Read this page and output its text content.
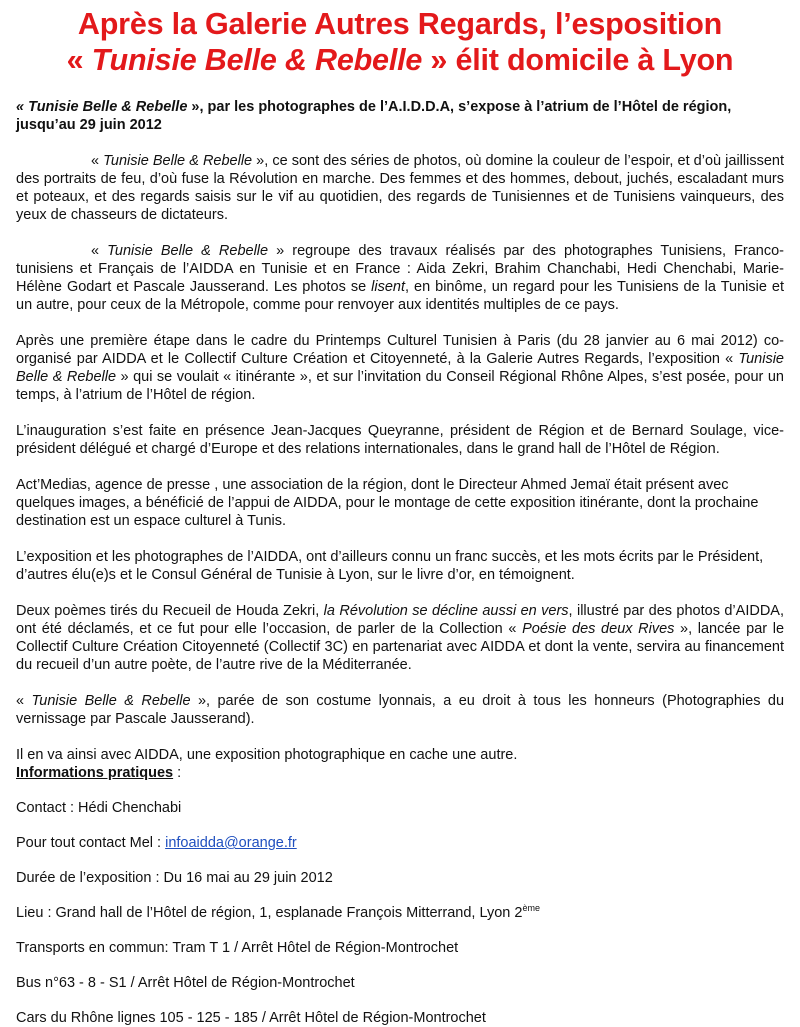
Après la Galerie Autres Regards, l’esposition
« Tunisie Belle & Rebelle » élit domicile à Lyon

« Tunisie Belle & Rebelle », par les photographes de l’A.I.D.D.A, s’expose à l’atrium de l’Hôtel de région, jusqu’au 29 juin 2012

« Tunisie Belle & Rebelle », ce sont des séries de photos, où domine la couleur de l’espoir, et d’où jaillissent des portraits de feu, d’où fuse la Révolution en marche. Des femmes et des hommes, debout, juchés, escaladant murs et poteaux, et des regards saisis sur le vif au quotidien, des regards de Tunisiennes et de Tunisiens vainqueurs, des yeux de chasseurs de dictateurs.

« Tunisie Belle & Rebelle » regroupe des travaux réalisés par des photographes Tunisiens, Franco-tunisiens et Français de l’AIDDA en Tunisie et en France : Aida Zekri, Brahim Chanchabi, Hedi Chenchabi, Marie-Hélène Godart et Pascale Jausserand. Les photos se lisent, en binôme, un regard pour les Tunisiens de la Tunisie et un autre, pour ceux de la Métropole, comme pour renvoyer aux identités multiples de ce pays.

Après une première étape dans le cadre du Printemps Culturel Tunisien à Paris (du 28 janvier au 6 mai 2012) co-organisé par AIDDA et le Collectif Culture Création et Citoyenneté, à la Galerie Autres Regards, l’exposition « Tunisie Belle & Rebelle » qui se voulait « itinérante », et sur l’invitation du Conseil Régional Rhône Alpes, s’est posée, pour un temps, à l’atrium de l’Hôtel de région.

L’inauguration s’est faite en présence Jean-Jacques Queyranne, président de Région et de Bernard Soulage, vice-président délégué et chargé d’Europe et des relations internationales, dans le grand hall de l’Hôtel de Région.

Act’Medias, agence de presse , une association de la région, dont le Directeur Ahmed Jemaï était présent avec quelques images, a bénéficié de l’appui de AIDDA, pour le montage de cette exposition itinérante, dont la prochaine destination est un espace culturel à Tunis.

L’exposition et les photographes de l’AIDDA, ont d’ailleurs connu un franc succès, et les mots écrits par le Président, d’autres élu(e)s et le Consul Général de Tunisie à Lyon, sur le livre d’or, en témoignent.

Deux poèmes tirés du Recueil de Houda Zekri, la Révolution se décline aussi en vers, illustré par des photos d’AIDDA, ont été déclamés, et ce fut pour elle l’occasion, de parler de la Collection « Poésie des deux Rives », lancée par le Collectif Culture Création Citoyenneté (Collectif 3C) en partenariat avec AIDDA et dont la vente, servira au financement du recueil d’un autre poète, de l’autre rive de la Méditerranée.

« Tunisie Belle & Rebelle », parée de son costume lyonnais, a eu droit à tous les honneurs (Photographies du vernissage par Pascale Jausserand).

Il en va ainsi avec AIDDA, une exposition photographique en cache une autre.

Informations pratiques :

Contact : Hédi Chenchabi

Pour tout contact Mel : infoaidda@orange.fr

Durée de l’exposition : Du 16 mai au 29 juin 2012

Lieu : Grand hall de l’Hôtel de région, 1, esplanade François Mitterrand, Lyon 2ème

Transports en commun: Tram T 1 / Arrêt Hôtel de Région-Montrochet

Bus n°63 - 8 - S1 / Arrêt Hôtel de Région-Montrochet

Cars du Rhône lignes 105 - 125 - 185 / Arrêt Hôtel de Région-Montrochet
